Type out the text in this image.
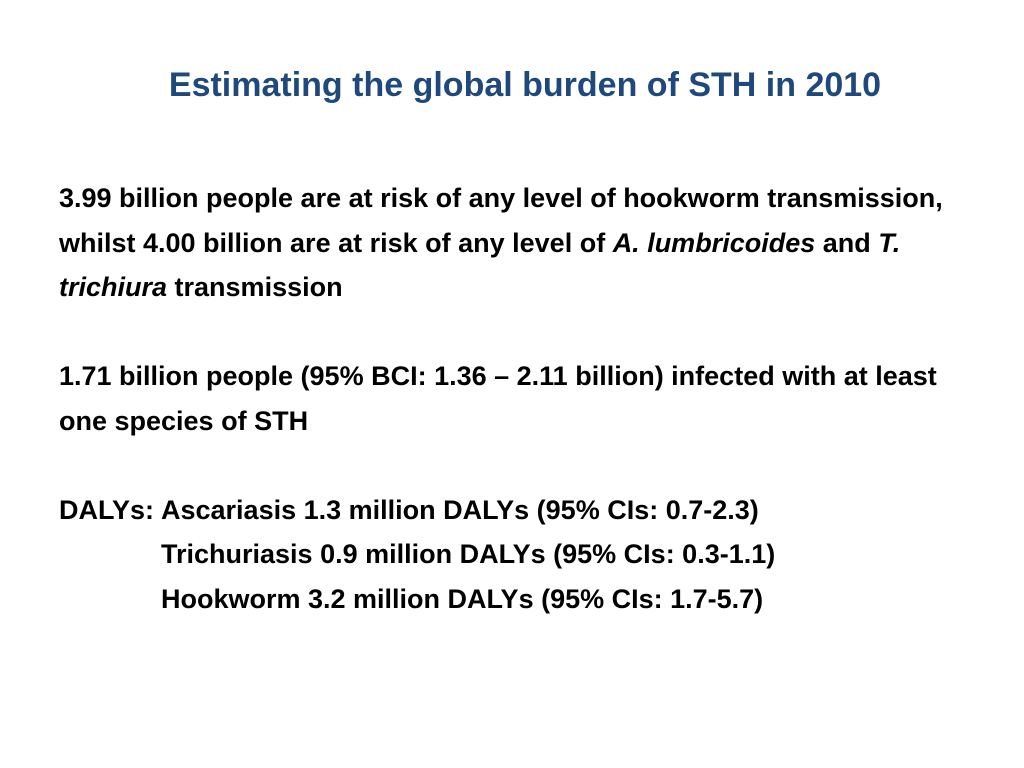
Estimating the global burden of STH in 2010

3.99 billion people are at risk of any level of hookworm transmission, whilst 4.00 billion are at risk of any level of A. lumbricoides and T. trichiura transmission

1.71 billion people (95% BCI: 1.36 – 2.11 billion) infected with at least one species of STH

DALYs: Ascariasis 1.3 million DALYs (95% CIs: 0.7-2.3)
Trichuriasis 0.9 million DALYs (95% CIs: 0.3-1.1)
Hookworm 3.2 million DALYs (95% CIs: 1.7-5.7)
